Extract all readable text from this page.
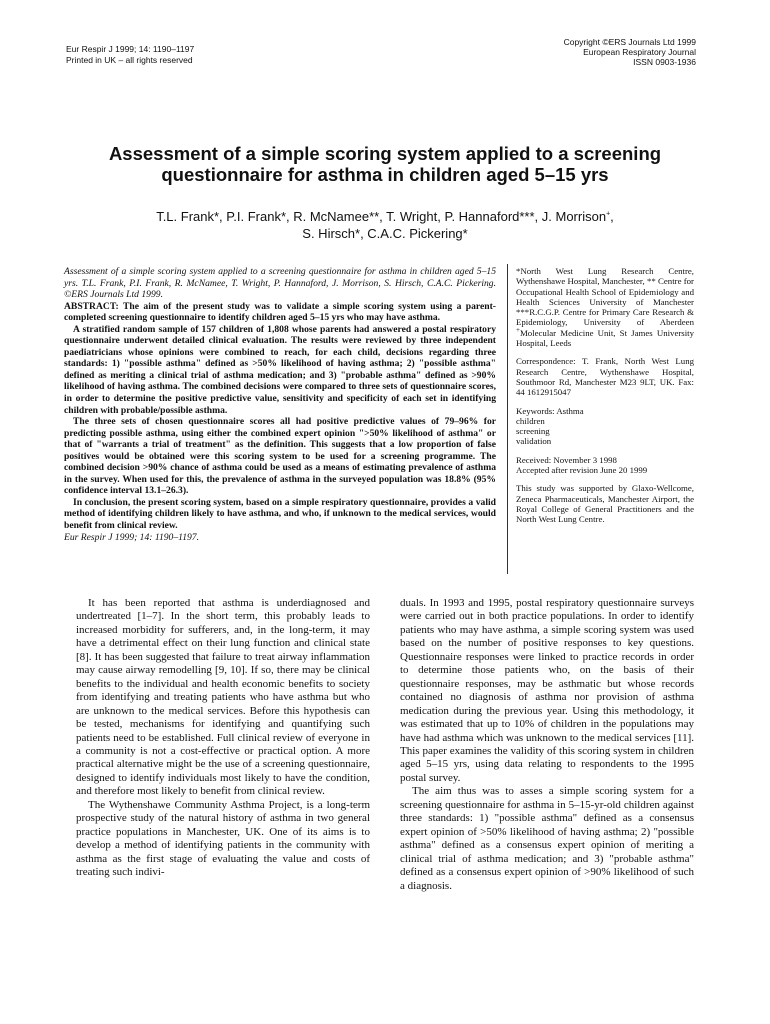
Eur Respir J 1999; 14: 1190–1197
Printed in UK – all rights reserved
Copyright ©ERS Journals Ltd 1999
European Respiratory Journal
ISSN 0903-1936
Assessment of a simple scoring system applied to a screening
questionnaire for asthma in children aged 5–15 yrs
T.L. Frank*, P.I. Frank*, R. McNamee**, T. Wright, P. Hannaford***, J. Morrison+,
S. Hirsch*, C.A.C. Pickering*
Assessment of a simple scoring system applied to a screening questionnaire for asthma in children aged 5–15 yrs. T.L. Frank, P.I. Frank, R. McNamee, T. Wright, P. Hannaford, J. Morrison, S. Hirsch, C.A.C. Pickering. ©ERS Journals Ltd 1999.
ABSTRACT: The aim of the present study was to validate a simple scoring system using a parent-completed screening questionnaire to identify children aged 5–15 yrs who may have asthma.
A stratified random sample of 157 children of 1,808 whose parents had answered a postal respiratory questionnaire underwent detailed clinical evaluation. The results were reviewed by three independent paediatricians whose opinions were combined to reach, for each child, decisions regarding three standards: 1) "possible asthma" defined as >50% likelihood of having asthma; 2) "possible asthma" defined as meriting a clinical trial of asthma medication; and 3) "probable asthma" defined as >90% likelihood of having asthma. The combined decisions were compared to three sets of questionnaire scores, in order to determine the positive predictive value, sensitivity and specificity of each set in identifying children with probable/possible asthma.
The three sets of chosen questionnaire scores all had positive predictive values of 79–96% for predicting possible asthma, using either the combined expert opinion ">50% likelihood of asthma" or that of "warrants a trial of treatment" as the definition. This suggests that a low proportion of false positives would be obtained were this scoring system to be used for a screening programme. The combined decision >90% chance of asthma could be used as a means of estimating prevalence of asthma in the survey. When used for this, the prevalence of asthma in the surveyed population was 18.8% (95% confidence interval 13.1–26.3).
In conclusion, the present scoring system, based on a simple respiratory questionnaire, provides a valid method of identifying children likely to have asthma, and who, if unknown to the medical services, would benefit from clinical review.
Eur Respir J 1999; 14: 1190–1197.
*North West Lung Research Centre, Wythenshawe Hospital, Manchester, ** Centre for Occupational Health School of Epidemiology and Health Sciences University of Manchester ***R.C.G.P. Centre for Primary Care Research & Epidemiology, University of Aberdeen +Molecular Medicine Unit, St James University Hospital, Leeds
Correspondence: T. Frank, North West Lung Research Centre, Wythenshawe Hospital, Southmoor Rd, Manchester M23 9LT, UK. Fax: 44 1612915047
Keywords: Asthma
children
screening
validation
Received: November 3 1998
Accepted after revision June 20 1999
This study was supported by Glaxo-Wellcome, Zeneca Pharmaceuticals, Manchester Airport, the Royal College of General Practitioners and the North West Lung Centre.

It has been reported that asthma is underdiagnosed and undertreated [1–7]. In the short term, this probably leads to increased morbidity for sufferers, and, in the long-term, it may have a detrimental effect on their lung function and clinical state [8]. It has been suggested that failure to treat airway inflammation may cause airway remodelling [9, 10]. If so, there may be clinical benefits to the individual and health economic benefits to society from identifying and treating patients who have asthma but who are unknown to the medical services. Before this hypothesis can be tested, mechanisms for identifying and quantifying such patients need to be established. Full clinical review of everyone in a community is not a cost-effective or practical option. A more practical alternative might be the use of a screening questionnaire, designed to identify individuals most likely to have the condition, and therefore most likely to benefit from clinical review.

The Wythenshawe Community Asthma Project, is a long-term prospective study of the natural history of asthma in two general practice populations in Manchester, UK. One of its aims is to develop a method of identifying patients in the community with asthma as the first stage of evaluating the value and costs of treating such indivi-

duals. In 1993 and 1995, postal respiratory questionnaire surveys were carried out in both practice populations. In order to identify patients who may have asthma, a simple scoring system was used based on the number of positive responses to key questions. Questionnaire responses were linked to practice records in order to determine those patients who, on the basis of their questionnaire responses, may be asthmatic but whose records contained no diagnosis of asthma nor provision of asthma medication during the previous year. Using this methodology, it was estimated that up to 10% of children in the populations may have had asthma which was unknown to the medical services [11]. This paper examines the validity of this scoring system in children aged 5–15 yrs, using data relating to respondents to the 1995 postal survey.

The aim thus was to asses a simple scoring system for a screening questionnaire for asthma in 5–15-yr-old children against three standards: 1) "possible asthma" defined as a consensus expert opinion of >50% likelihood of having asthma; 2) "possible asthma" defined as a consensus expert opinion of meriting a clinical trial of asthma medication; and 3) "probable asthma" defined as a consensus expert opinion of >90% likelihood of such a diagnosis.
